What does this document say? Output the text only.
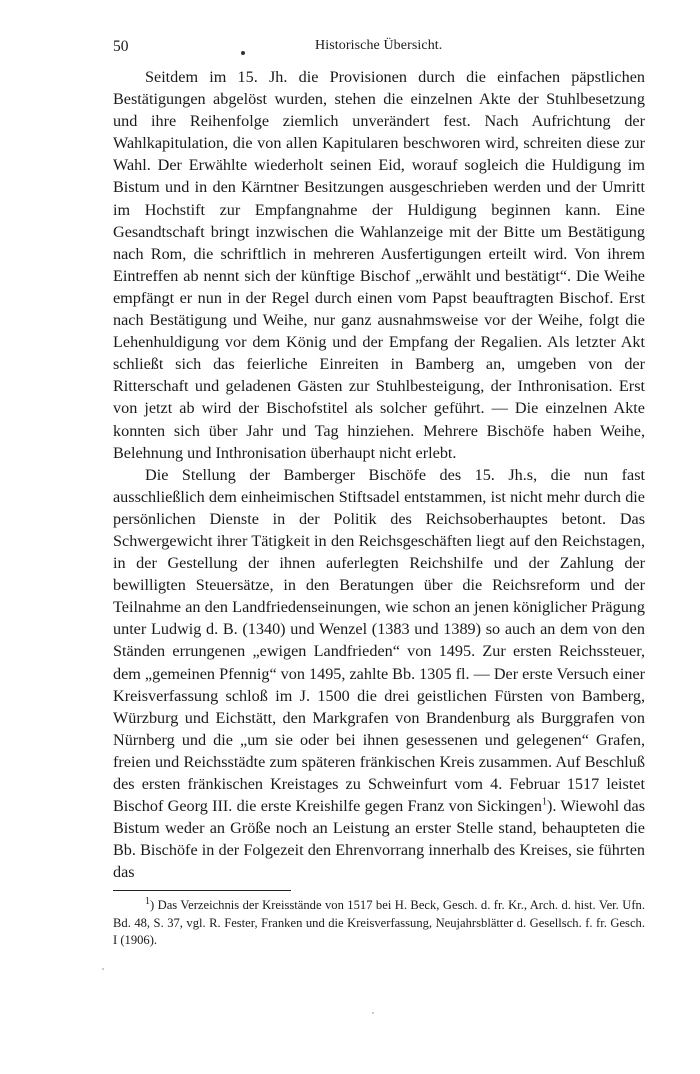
50	Historische Übersicht.

Seitdem im 15. Jh. die Provisionen durch die einfachen päpstlichen Bestätigungen abgelöst wurden, stehen die einzelnen Akte der Stuhlbesetzung und ihre Reihenfolge ziemlich unverändert fest. Nach Aufrichtung der Wahlkapitulation, die von allen Kapitularen beschworen wird, schreiten diese zur Wahl. Der Erwählte wiederholt seinen Eid, worauf sogleich die Huldigung im Bistum und in den Kärntner Besitzungen ausgeschrieben werden und der Umritt im Hochstift zur Empfangnahme der Huldigung beginnen kann. Eine Gesandtschaft bringt inzwischen die Wahlanzeige mit der Bitte um Bestätigung nach Rom, die schriftlich in mehreren Ausfertigungen erteilt wird. Von ihrem Eintreffen ab nennt sich der künftige Bischof „erwählt und bestätigt“. Die Weihe empfängt er nun in der Regel durch einen vom Papst beauftragten Bischof. Erst nach Bestätigung und Weihe, nur ganz ausnahmsweise vor der Weihe, folgt die Lehenhuldigung vor dem König und der Empfang der Regalien. Als letzter Akt schließt sich das feierliche Einreiten in Bamberg an, umgeben von der Ritterschaft und geladenen Gästen zur Stuhlbesteigung, der Inthronisation. Erst von jetzt ab wird der Bischofstitel als solcher geführt. — Die einzelnen Akte konnten sich über Jahr und Tag hinziehen. Mehrere Bischöfe haben Weihe, Belehnung und Inthronisation überhaupt nicht erlebt.

Die Stellung der Bamberger Bischöfe des 15. Jh.s, die nun fast ausschließlich dem einheimischen Stiftsadel entstammen, ist nicht mehr durch die persönlichen Dienste in der Politik des Reichsoberhauptes betont. Das Schwergewicht ihrer Tätigkeit in den Reichsgeschäften liegt auf den Reichstagen, in der Gestellung der ihnen auferlegten Reichshilfe und der Zahlung der bewilligten Steuersätze, in den Beratungen über die Reichsreform und der Teilnahme an den Landfriedenseinungen, wie schon an jenen königlicher Prägung unter Ludwig d. B. (1340) und Wenzel (1383 und 1389) so auch an dem von den Ständen errungenen „ewigen Landfrieden“ von 1495. Zur ersten Reichssteuer, dem „gemeinen Pfennig“ von 1495, zahlte Bb. 1305 fl. — Der erste Versuch einer Kreisverfassung schloß im J. 1500 die drei geistlichen Fürsten von Bamberg, Würzburg und Eichstätt, den Markgrafen von Brandenburg als Burggrafen von Nürnberg und die „um sie oder bei ihnen gesessenen und gelegenen“ Grafen, freien und Reichsstädte zum späteren fränkischen Kreis zusammen. Auf Beschluß des ersten fränkischen Kreistages zu Schweinfurt vom 4. Februar 1517 leistet Bischof Georg III. die erste Kreishilfe gegen Franz von Sickingen$^1$). Wiewohl das Bistum weder an Größe noch an Leistung an erster Stelle stand, behaupteten die Bb. Bischöfe in der Folgezeit den Ehrenvorrang innerhalb des Kreises, sie führten das

$^1$) Das Verzeichnis der Kreisstände von 1517 bei H. Beck, Gesch. d. fr. Kr., Arch. d. hist. Ver. Ufn. Bd. 48, S. 37, vgl. R. Fester, Franken und die Kreisverfassung, Neujahrsblätter d. Gesellsch. f. fr. Gesch. I (1906).
